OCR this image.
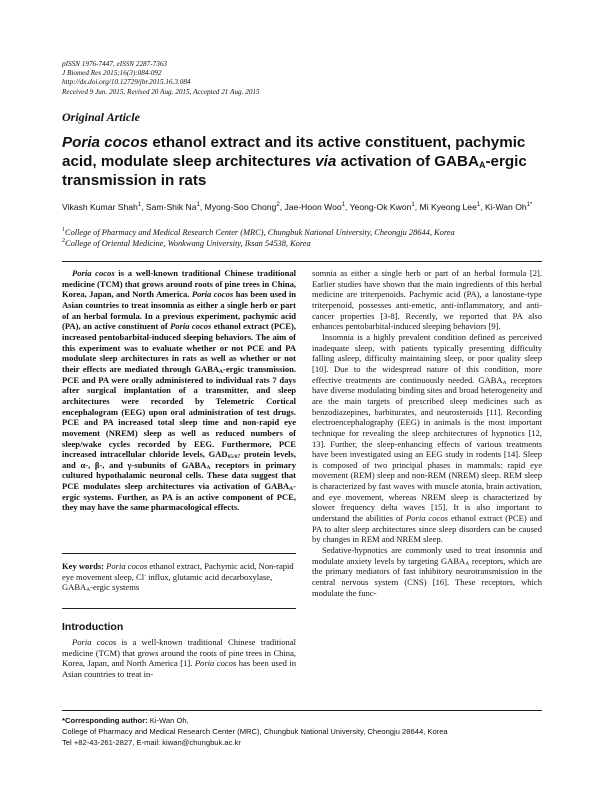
pISSN 1976-7447, eISSN 2287-7363
J Biomed Res 2015;16(3):084-092
http://dx.doi.org/10.12729/jbr.2015.16.3.084
Received 9 Jun. 2015, Revised 20 Aug. 2015, Accepted 21 Aug. 2015
Original Article
Poria cocos ethanol extract and its active constituent, pachymic acid, modulate sleep architectures via activation of $GABA_A$-ergic transmission in rats
Vikash Kumar Shah$^1$, Sam-Shik Na$^1$, Myong-Soo Chong$^2$, Jae-Hoon Woo$^1$, Yeong-Ok Kwon$^1$, Mi Kyeong Lee$^1$, Ki-Wan $Oh^{1*}$
$^1$College of Pharmacy and Medical Research Center (MRC), Chungbuk National University, Cheongju 28644, Korea
$^2$College of Oriental Medicine, Wonkwang University, Iksan 54538, Korea
Poria cocos is a well-known traditional Chinese traditional medicine (TCM) that grows around roots of pine trees in China, Korea, Japan, and North America. Poria cocos has been used in Asian countries to treat insomnia as either a single herb or part of an herbal formula. In a previous experiment, pachymic acid (PA), an active constituent of Poria cocos ethanol extract (PCE), increased pentobarbital-induced sleeping behaviors. The aim of this experiment was to evaluate whether or not PCE and PA modulate sleep architectures in rats as well as whether or not their effects are mediated through $GABA_A$-ergic transmission. PCE and PA were orally administered to individual rats 7 days after surgical implantation of a transmitter, and sleep architectures were recorded by Telemetric Cortical encephalogram (EEG) upon oral administration of test drugs. PCE and PA increased total sleep time and non-rapid eye movement (NREM) sleep as well as reduced numbers of sleep/wake cycles recorded by EEG. Furthermore, PCE increased intracellular chloride levels, $GAD_{65/67}$ protein levels, and α-, β-, and γ-subunits of $GABA_A$ receptors in primary cultured hypothalamic neuronal cells. These data suggest that PCE modulates sleep architectures via activation of $GABA_A$-ergic systems. Further, as PA is an active component of PCE, they may have the same pharmacological effects.
Key words: Poria cocos ethanol extract, Pachymic acid, Non-rapid eye movement sleep, Cl- influx, glutamic acid decarboxylase, $GABA_A$-ergic systems
Introduction
Poria cocos is a well-known traditional Chinese traditional medicine (TCM) that grows around the roots of pine trees in China, Korea, Japan, and North America [1]. Poria cocos has been used in Asian countries to treat in-

somnia as either a single herb or part of an herbal formula [2]. Earlier studies have shown that the main ingredients of this herbal medicine are triterpenoids. Pachymic acid (PA), a lanostane-type triterpenoid, possesses anti-emetic, anti-inflammatory, and anti-cancer properties [3-8]. Recently, we reported that PA also enhances pentobarbital-induced sleeping behaviors [9].

Insomnia is a highly prevalent condition defined as perceived inadequate sleep, with patients typically presenting difficulty falling asleep, difficulty maintaining sleep, or poor quality sleep [10]. Due to the widespread nature of this condition, more effective treatments are continuously needed. $GABA_A$ receptors have diverse modulating binding sites and broad heterogeneity and are the main targets of prescribed sleep medicines such as benzodiazepines, barbiturates, and neurosteroids [11]. Recording electroencephalography (EEG) in animals is the most important technique for revealing the sleep architectures of hypnotics [12, 13]. Further, the sleep-enhancing effects of various treatments have been investigated using an EEG study in rodents [14]. Sleep is composed of two principal phases in mammals: rapid eye movement (REM) sleep and non-REM (NREM) sleep. REM sleep is characterized by fast waves with muscle atonia, brain activation, and eye movement, whereas NREM sleep is characterized by slower frequency delta waves [15]. It is also important to understand the abilities of Poria cocos ethanol extract (PCE) and PA to alter sleep architectures since sleep disorders can be caused by changes in REM and NREM sleep.

Sedative-hypnotics are commonly used to treat insomnia and modulate anxiety levels by targeting $GABA_A$ receptors, which are the primary mediators of fast inhibitory neurotransmission in the central nervous system (CNS) [16]. These receptors, which modulate the func-

*Corresponding author: Ki-Wan Oh,
College of Pharmacy and Medical Research Center (MRC), Chungbuk National University, Cheongju 28644, Korea
Tel +82-43-261-2827, E-mail: kiwan@chungbuk.ac.kr
